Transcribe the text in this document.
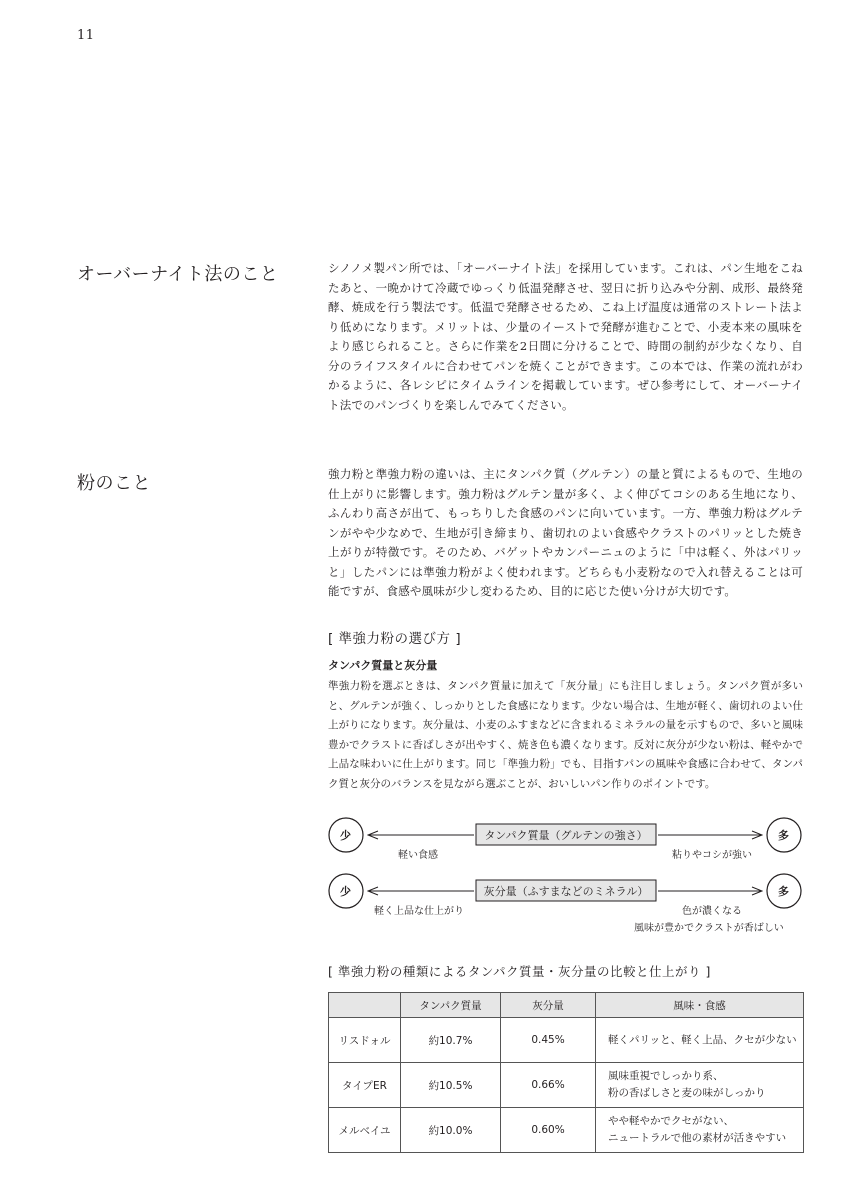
11
オーバーナイト法のこと	シノノメ製パン所では、「オーバーナイト法」を採用しています。これは、パン生地をこねたあと、一晩かけて冷蔵でゆっくり低温発酵させ、翌日に折り込みや分割、成形、最終発酵、焼成を行う製法です。低温で発酵させるため、こね上げ温度は通常のストレート法より低めになります。メリットは、少量のイーストで発酵が進むことで、小麦本来の風味をより感じられること。さらに作業を2日間に分けることで、時間の制約が少なくなり、自分のライフスタイルに合わせてパンを焼くことができます。この本では、作業の流れがわかるように、各レシピにタイムラインを掲載しています。ぜひ参考にして、オーバーナイト法でのパンづくりを楽しんでみてください。

粉のこと	強力粉と準強力粉の違いは、主にタンパク質（グルテン）の量と質によるもので、生地の仕上がりに影響します。強力粉はグルテン量が多く、よく伸びてコシのある生地になり、ふんわり高さが出て、もっちりした食感のパンに向いています。一方、準強力粉はグルテンがやや少なめで、生地が引き締まり、歯切れのよい食感やクラストのパリッとした焼き上がりが特徴です。そのため、バゲットやカンパーニュのように「中は軽く、外はパリッと」したパンには準強力粉がよく使われます。どちらも小麦粉なので入れ替えることは可能ですが、食感や風味が少し変わるため、目的に応じた使い分けが大切です。

[ 準強力粉の選び方 ]
タンパク質量と灰分量

準強力粉を選ぶときは、タンパク質量に加えて「灰分量」にも注目しましょう。タンパク質が多いと、グルテンが強く、しっかりとした食感になります。少ない場合は、生地が軽く、歯切れのよい仕上がりになります。灰分量は、小麦のふすまなどに含まれるミネラルの量を示すもので、多いと風味豊かでクラストに香ばしさが出やすく、焼き色も濃くなります。反対に灰分が少ない粉は、軽やかで上品な味わいに仕上がります。同じ「準強力粉」でも、目指すパンの風味や食感に合わせて、タンパク質と灰分のバランスを見ながら選ぶことが、おいしいパン作りのポイントです。

少	タンパク質量（グルテンの強さ）	多
軽い食感	粘りやコシが強い
少	灰分量（ふすまなどのミネラル）	多
軽く上品な仕上がり	色が濃くなる
風味が豊かでクラストが香ばしい
[ 準強力粉の種類によるタンパク質量・灰分量の比較と仕上がり ]
	タンパク質量	灰分量	風味・食感
リスドォル	約10.7%	0.45%	軽くパリッと、軽く上品、クセが少ない
タイプER	約10.5%	0.66%	風味重視でしっかり系、
粉の香ばしさと麦の味がしっかり
メルベイユ	約10.0%	0.60%	やや軽やかでクセがない、
ニュートラルで他の素材が活きやすい
